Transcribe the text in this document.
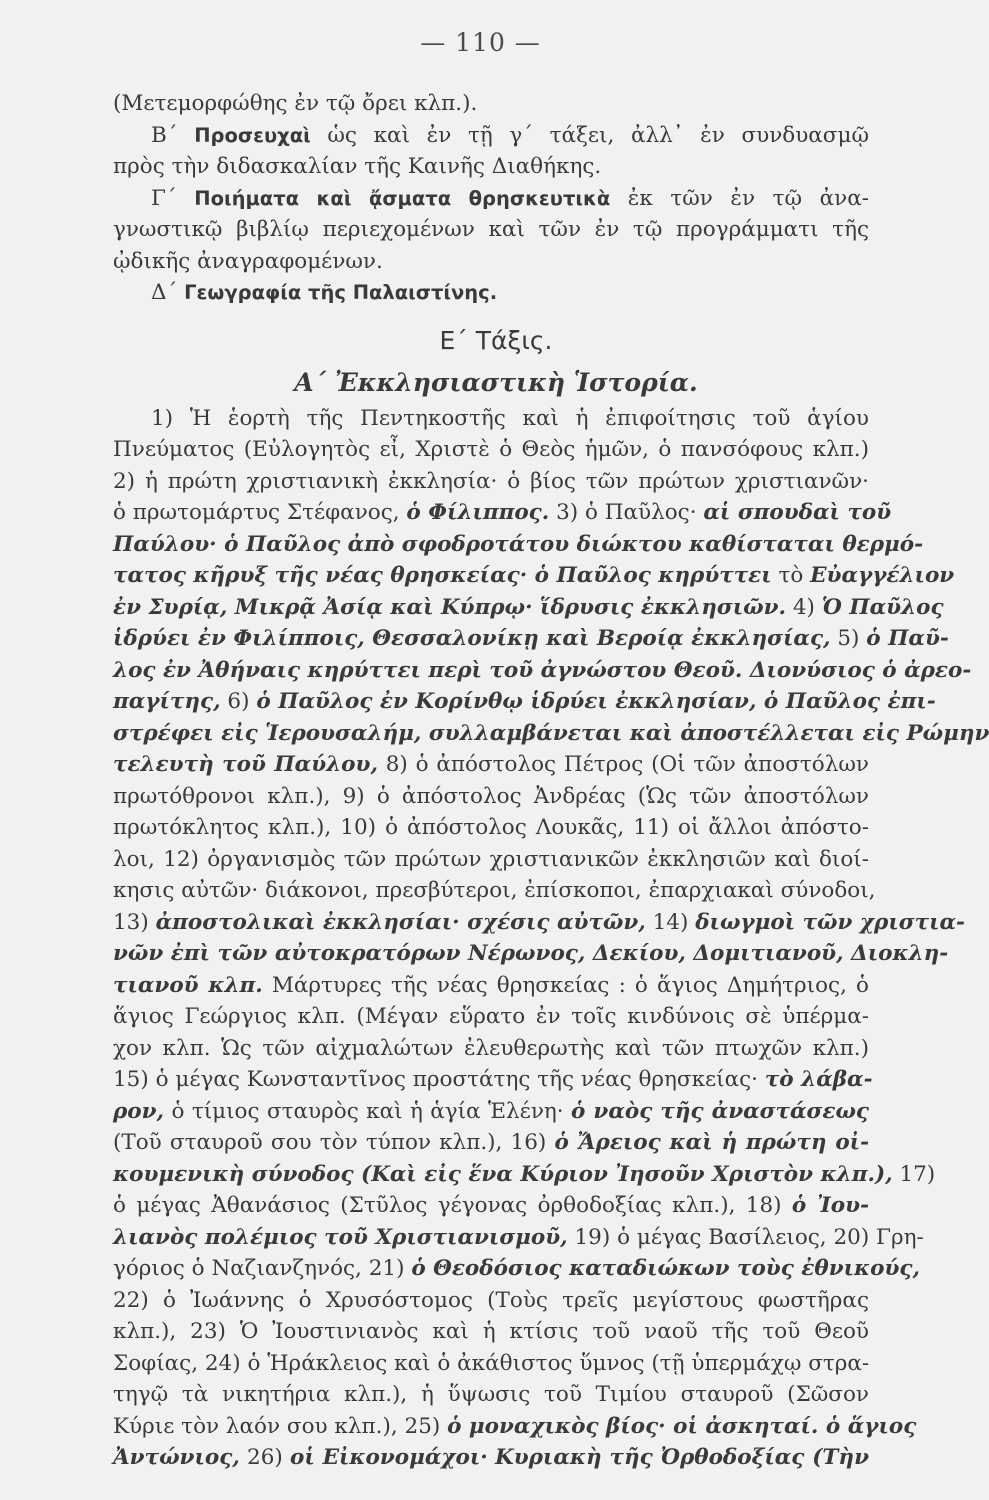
— 110 —
(Μετεμορφώθης ἐν τῷ ὄρει κλπ.).
Β΄ Προσευχαὶ ὡς καὶ ἐν τῇ γ΄ τάξει, ἀλλ᾽ ἐν συνδυασμῷ
πρὸς τὴν διδασκαλίαν τῆς Καινῆς Διαθήκης.
Γ΄ Ποιήματα καὶ ᾄσματα θρησκευτικὰ ἐκ τῶν ἐν τῷ ἀνα-
γνωστικῷ βιβλίῳ περιεχομένων καὶ τῶν ἐν τῷ προγράμματι τῆς
ᾠδικῆς ἀναγραφομένων.
Δ΄ Γεωγραφία τῆς Παλαιστίνης.
Ε΄ Τάξις.
Α΄ Ἐκκλησιαστικὴ Ἱστορία.
1) Ἡ ἑορτὴ τῆς Πεντηκοστῆς καὶ ἡ ἐπιφοίτησις τοῦ ἁγίου
Πνεύματος (Εὐλογητὸς εἶ, Χριστὲ ὁ Θεὸς ἡμῶν, ὁ πανσόφους κλπ.)
2) ἡ πρώτη χριστιανικὴ ἐκκλησία· ὁ βίος τῶν πρώτων χριστιανῶν·
ὁ πρωτομάρτυς Στέφανος, ὁ Φίλιππος. 3) ὁ Παῦλος· αἱ σπουδαὶ τοῦ
Παύλου· ὁ Παῦλος ἀπὸ σφοδροτάτου διώκτου καθίσταται θερμό-
τατος κῆρυξ τῆς νέας θρησκείας· ὁ Παῦλος κηρύττει τὸ Εὐαγγέλιον
ἐν Συρίᾳ, Μικρᾷ Ἀσίᾳ καὶ Κύπρῳ· ἵδρυσις ἐκκλησιῶν. 4) Ὁ Παῦλος
ἱδρύει ἐν Φιλίπποις, Θεσσαλονίκῃ καὶ Βεροίᾳ ἐκκλησίας, 5) ὁ Παῦ-
λος ἐν Ἀθήναις κηρύττει περὶ τοῦ ἀγνώστου Θεοῦ. Διονύσιος ὁ ἀρεο-
παγίτης, 6) ὁ Παῦλος ἐν Κορίνθῳ ἱδρύει ἐκκλησίαν, ὁ Παῦλος ἐπι-
στρέφει εἰς Ἱερουσαλήμ, συλλαμβάνεται καὶ ἀποστέλλεται εἰς Ρώμην
τελευτὴ τοῦ Παύλου, 8) ὁ ἀπόστολος Πέτρος (Οἱ τῶν ἀποστόλων
πρωτόθρονοι κλπ.), 9) ὁ ἀπόστολος Ἀνδρέας (Ὡς τῶν ἀποστόλων
πρωτόκλητος κλπ.), 10) ὁ ἀπόστολος Λουκᾶς, 11) οἱ ἄλλοι ἀπόστο-
λοι, 12) ὀργανισμὸς τῶν πρώτων χριστιανικῶν ἐκκλησιῶν καὶ διοί-
κησις αὐτῶν· διάκονοι, πρεσβύτεροι, ἐπίσκοποι, ἐπαρχιακαὶ σύνοδοι,
13) ἀποστολικαὶ ἐκκλησίαι· σχέσις αὐτῶν, 14) διωγμοὶ τῶν χριστια-
νῶν ἐπὶ τῶν αὐτοκρατόρων Νέρωνος, Δεκίου, Δομιτιανοῦ, Διοκλη-
τιανοῦ κλπ. Μάρτυρες τῆς νέας θρησκείας : ὁ ἅγιος Δημήτριος, ὁ
ἅγιος Γεώργιος κλπ. (Μέγαν εὕρατο ἐν τοῖς κινδύνοις σὲ ὑπέρμα-
χον κλπ. Ὡς τῶν αἰχμαλώτων ἐλευθερωτὴς καὶ τῶν πτωχῶν κλπ.)
15) ὁ μέγας Κωνσταντῖνος προστάτης τῆς νέας θρησκείας· τὸ λάβα-
ρον, ὁ τίμιος σταυρὸς καὶ ἡ ἁγία Ἑλένη· ὁ ναὸς τῆς ἀναστάσεως
(Τοῦ σταυροῦ σου τὸν τύπον κλπ.), 16) ὁ Ἄρειος καὶ ἡ πρώτη οἰ-
κουμενικὴ σύνοδος (Καὶ εἰς ἕνα Κύριον Ἰησοῦν Χριστὸν κλπ.), 17)
ὁ μέγας Ἀθανάσιος (Στῦλος γέγονας ὀρθοδοξίας κλπ.), 18) ὁ Ἰου-
λιανὸς πολέμιος τοῦ Χριστιανισμοῦ, 19) ὁ μέγας Βασίλειος, 20) Γρη-
γόριος ὁ Ναζιανζηνός, 21) ὁ Θεοδόσιος καταδιώκων τοὺς ἐθνικούς,
22) ὁ Ἰωάννης ὁ Χρυσόστομος (Τοὺς τρεῖς μεγίστους φωστῆρας
κλπ.), 23) Ὁ Ἰουστινιανὸς καὶ ἡ κτίσις τοῦ ναοῦ τῆς τοῦ Θεοῦ
Σοφίας, 24) ὁ Ἡράκλειος καὶ ὁ ἀκάθιστος ὕμνος (τῇ ὑπερμάχῳ στρα-
τηγῷ τὰ νικητήρια κλπ.), ἡ ὕψωσις τοῦ Τιμίου σταυροῦ (Σῶσον
Κύριε τὸν λαόν σου κλπ.), 25) ὁ μοναχικὸς βίος· οἱ ἀσκηταί. ὁ ἅγιος
Ἀντώνιος, 26) οἱ Εἰκονομάχοι· Κυριακὴ τῆς Ὀρθοδοξίας (Τὴν
